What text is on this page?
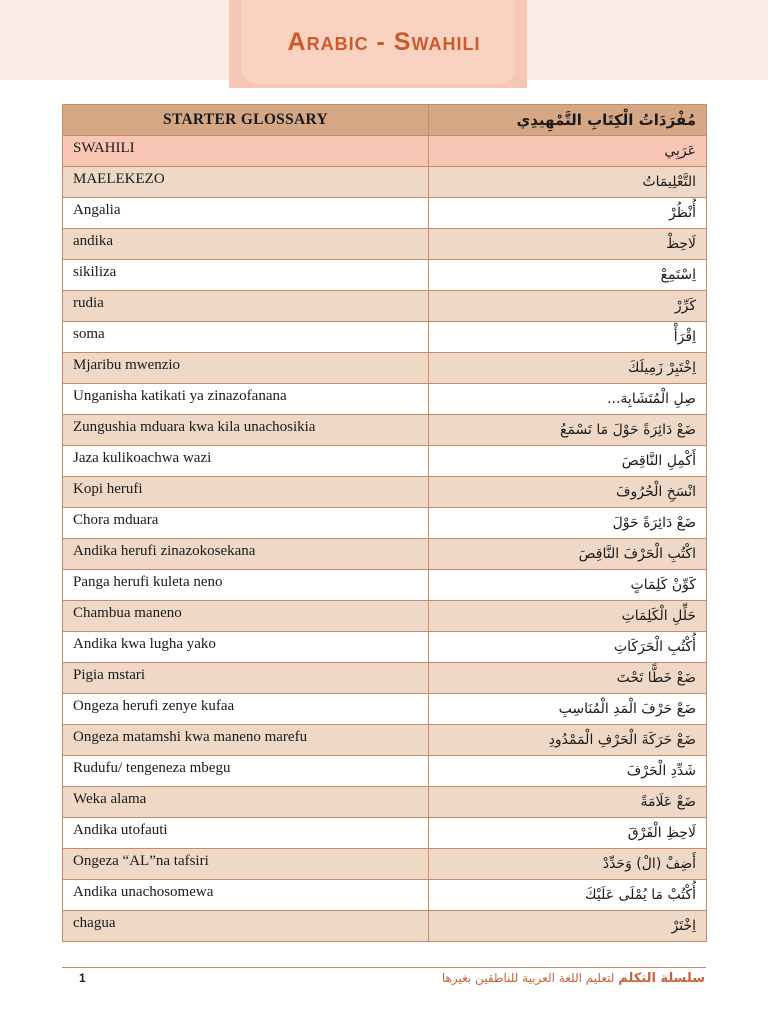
Arabic - Swahili
STARTER GLOSSARY	مُفْرَدَاتُ الْكِتَابِ التَّمْهِيدِي
SWAHILI	عَرَبِي
MAELEKEZO	التَّعْلِيمَاتُ
Angalia	أُنْظُرْ
andika	لَاحِظْ
sikiliza	اِسْتَمِعْ
rudia	كَرِّرْ
soma	اِقْرَأْ
Mjaribu mwenzio	اِخْتَبِرْ زَمِيلَكَ
Unganisha katikati ya zinazofanana	صِلِ الْمُتَشَابِهَ...
Zungushia mduara kwa kila unachosikia	ضَعْ دَائِرَةً حَوْلَ مَا تَسْمَعُ
Jaza kulikoachwa wazi	أَكْمِلِ النَّاقِصَ
Kopi herufi	انْسَخِ الْحُرُوفَ
Chora mduara	ضَعْ دَائِرَةً حَوْلَ
Andika herufi zinazokosekana	اكْتُبِ الْحَرْفَ النَّاقِصَ
Panga herufi kuleta neno	كَوِّنْ كَلِمَاتٍ
Chambua maneno	حَلِّلِ الْكَلِمَاتِ
Andika kwa lugha yako	أُكْتُبِ الْحَرَكَاتِ
Pigia mstari	ضَعْ خَطًّا تَحْتَ
Ongeza herufi zenye kufaa	ضَعْ حَرْفَ الْمَدِ الْمُنَاسِبِ
Ongeza matamshi kwa maneno marefu	ضَعْ حَرَكَةَ الْحَرْفِ الْمَمْدُودِ
Rudufu/ tengeneza mbegu	شَدِّدِ الْحَرْفَ
Weka alama	ضَعْ عَلَامَةً
Andika utofauti	لَاحِظِ الْفَرْقَ
Ongeza “AL”na tafsiri	أَضِفْ (الْ) وَحَدِّدْ
Andika unachosomewa	أُكْتُبْ مَا يُمْلَى عَلَيْكَ
chagua	اِخْتَرْ
1	سلسلة التكلم لتعليم اللغة العربية للناطقين بغيرها
